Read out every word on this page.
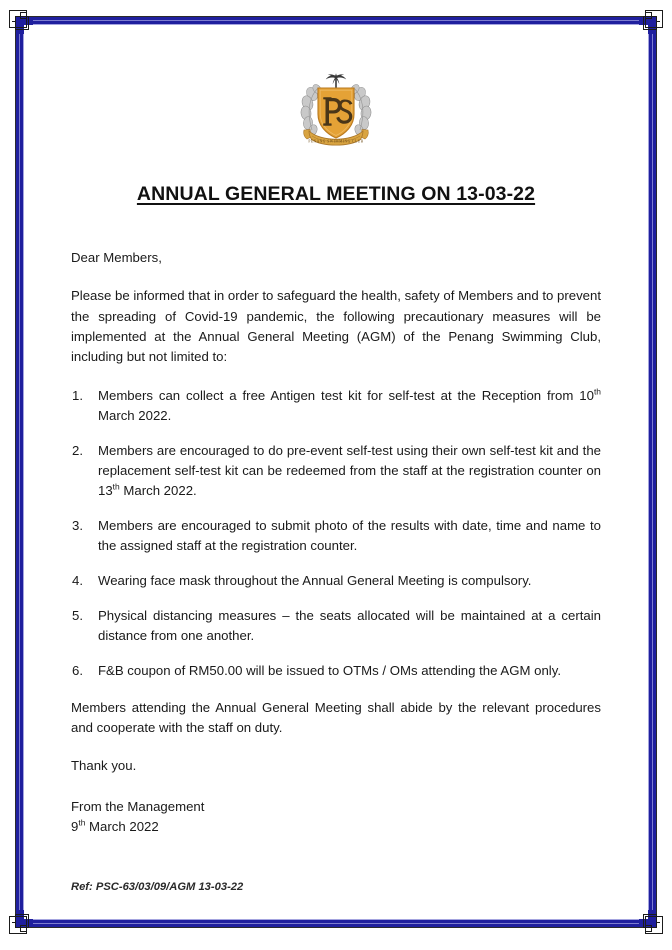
PENANG SWIMMING CLUB
ANNUAL GENERAL MEETING ON 13-03-22
Dear Members,

Please be informed that in order to safeguard the health, safety of Members and to prevent the spreading of Covid-19 pandemic, the following precautionary measures will be implemented at the Annual General Meeting (AGM) of the Penang Swimming Club, including but not limited to:

1.	Members can collect a free Antigen test kit for self-test at the Reception from 10th March 2022.
2.	Members are encouraged to do pre-event self-test using their own self-test kit and the replacement self-test kit can be redeemed from the staff at the registration counter on 13th March 2022.
3.	Members are encouraged to submit photo of the results with date, time and name to the assigned staff at the registration counter.
4.	Wearing face mask throughout the Annual General Meeting is compulsory.
5.	Physical distancing measures – the seats allocated will be maintained at a certain distance from one another.
6.	F&B coupon of RM50.00 will be issued to OTMs / OMs attending the AGM only.

Members attending the Annual General Meeting shall abide by the relevant procedures and cooperate with the staff on duty.

Thank you.

From the Management
9th March 2022
Ref: PSC-63/03/09/AGM 13-03-22
